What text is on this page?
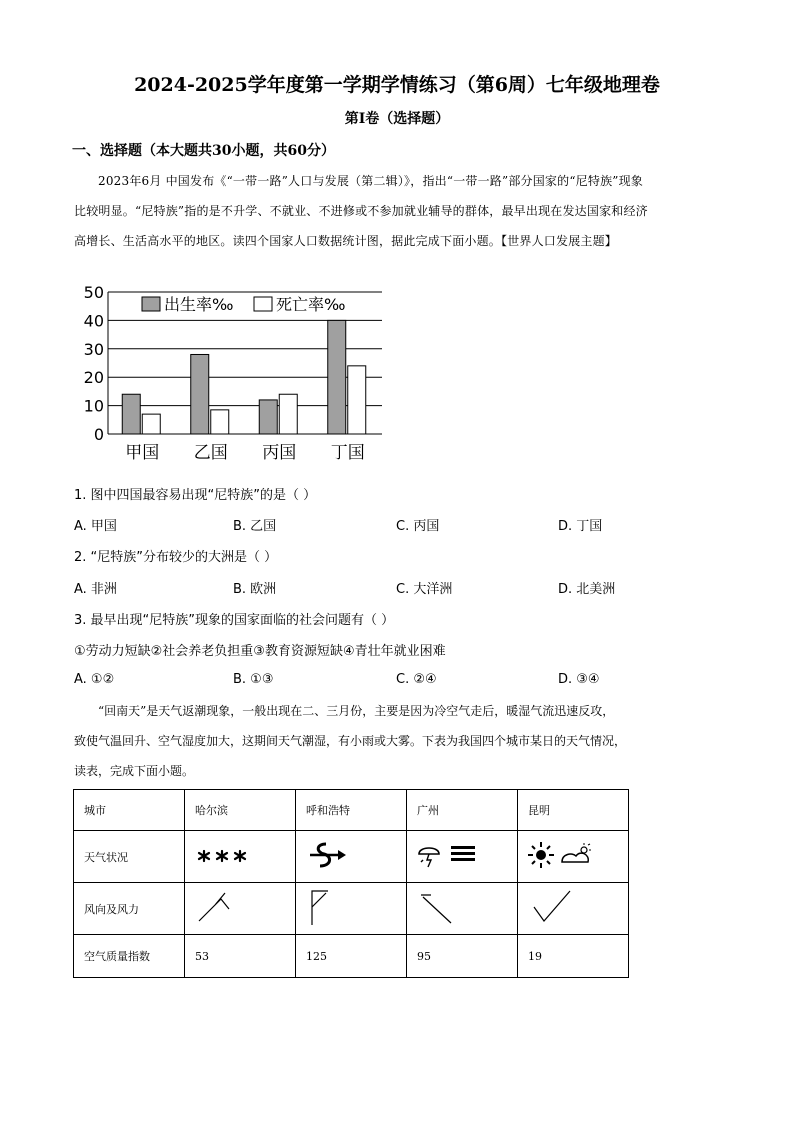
2024-2025学年度第一学期学情练习（第6周）七年级地理卷
第I卷（选择题）
一、选择题（本大题共30小题，共60分）

2023年6月 中国发布《“一带一路”人口与发展（第二辑）》，指出“一带一路”部分国家的“尼特族”现象

比较明显。“尼特族”指的是不升学、不就业、不进修或不参加就业辅导的群体，最早出现在发达国家和经济

高增长、生活高水平的地区。读四个国家人口数据统计图，据此完成下面小题。【世界人口发展主题】

0
10
20
30
40
50
甲国 乙国 丙国 丁国
出生率‰	死亡率‰
1. 图中四国最容易出现“尼特族”的是（ ）
A. 甲国	B. 乙国	C. 丙国	D. 丁国
2. “尼特族”分布较少的大洲是（ ）
A. 非洲	B. 欧洲	C. 大洋洲	D. 北美洲
3. 最早出现“尼特族”现象的国家面临的社会问题有（ ）
①劳动力短缺②社会养老负担重③教育资源短缺④青壮年就业困难
A. ①②	B. ①③	C. ②④	D. ③④

“回南天”是天气返潮现象，一般出现在二、三月份，主要是因为冷空气走后，暖湿气流迅速反攻，

致使气温回升、空气湿度加大，这期间天气潮湿，有小雨或大雾。下表为我国四个城市某日的天气情况，

读表，完成下面小题。

城市	哈尔滨	呼和浩特	广州	昆明
天气状况				
风向及风力				
空气质量指数	53	125	95	19
